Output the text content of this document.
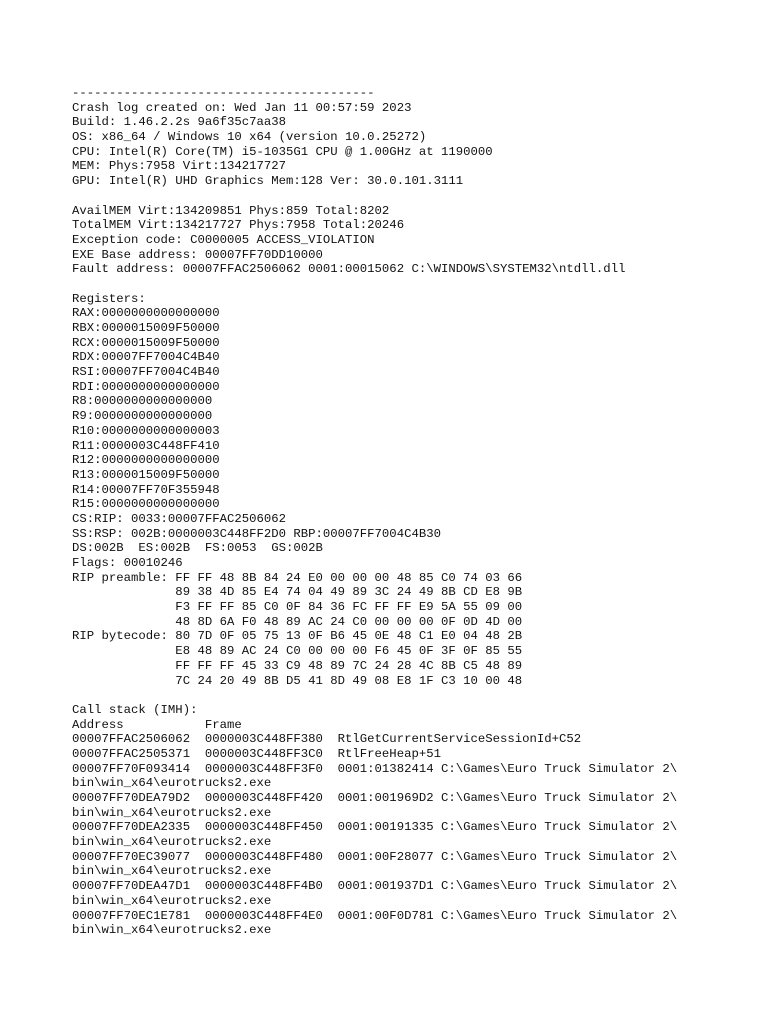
-----------------------------------------
Crash log created on: Wed Jan 11 00:57:59 2023
Build: 1.46.2.2s 9a6f35c7aa38
OS: x86_64 / Windows 10 x64 (version 10.0.25272)
CPU: Intel(R) Core(TM) i5-1035G1 CPU @ 1.00GHz at 1190000
MEM: Phys:7958 Virt:134217727
GPU: Intel(R) UHD Graphics Mem:128 Ver: 30.0.101.3111
AvailMEM Virt:134209851 Phys:859 Total:8202
TotalMEM Virt:134217727 Phys:7958 Total:20246
Exception code: C0000005 ACCESS_VIOLATION
EXE Base address: 00007FF70DD10000
Fault address: 00007FFAC2506062 0001:00015062 C:\WINDOWS\SYSTEM32\ntdll.dll
Registers:
RAX:0000000000000000
RBX:0000015009F50000
RCX:0000015009F50000
RDX:00007FF7004C4B40
RSI:00007FF7004C4B40
RDI:0000000000000000
R8:0000000000000000
R9:0000000000000000
R10:0000000000000003
R11:0000003C448FF410
R12:0000000000000000
R13:0000015009F50000
R14:00007FF70F355948
R15:0000000000000000
CS:RIP: 0033:00007FFAC2506062
SS:RSP: 002B:0000003C448FF2D0 RBP:00007FF7004C4B30
DS:002B  ES:002B  FS:0053  GS:002B
Flags: 00010246
RIP preamble: FF FF 48 8B 84 24 E0 00 00 00 48 85 C0 74 03 66
89 38 4D 85 E4 74 04 49 89 3C 24 49 8B CD E8 9B
F3 FF FF 85 C0 0F 84 36 FC FF FF E9 5A 55 09 00
48 8D 6A F0 48 89 AC 24 C0 00 00 00 0F 0D 4D 00
RIP bytecode: 80 7D 0F 05 75 13 0F B6 45 0E 48 C1 E0 04 48 2B
E8 48 89 AC 24 C0 00 00 00 F6 45 0F 3F 0F 85 55
FF FF FF 45 33 C9 48 89 7C 24 28 4C 8B C5 48 89
7C 24 20 49 8B D5 41 8D 49 08 E8 1F C3 10 00 48
Call stack (IMH):
Address           Frame
00007FFAC2506062  0000003C448FF380  RtlGetCurrentServiceSessionId+C52
00007FFAC2505371  0000003C448FF3C0  RtlFreeHeap+51
00007FF70F093414  0000003C448FF3F0  0001:01382414 C:\Games\Euro Truck Simulator 2\
bin\win_x64\eurotrucks2.exe
00007FF70DEA79D2  0000003C448FF420  0001:001969D2 C:\Games\Euro Truck Simulator 2\
bin\win_x64\eurotrucks2.exe
00007FF70DEA2335  0000003C448FF450  0001:00191335 C:\Games\Euro Truck Simulator 2\
bin\win_x64\eurotrucks2.exe
00007FF70EC39077  0000003C448FF480  0001:00F28077 C:\Games\Euro Truck Simulator 2\
bin\win_x64\eurotrucks2.exe
00007FF70DEA47D1  0000003C448FF4B0  0001:001937D1 C:\Games\Euro Truck Simulator 2\
bin\win_x64\eurotrucks2.exe
00007FF70EC1E781  0000003C448FF4E0  0001:00F0D781 C:\Games\Euro Truck Simulator 2\
bin\win_x64\eurotrucks2.exe
